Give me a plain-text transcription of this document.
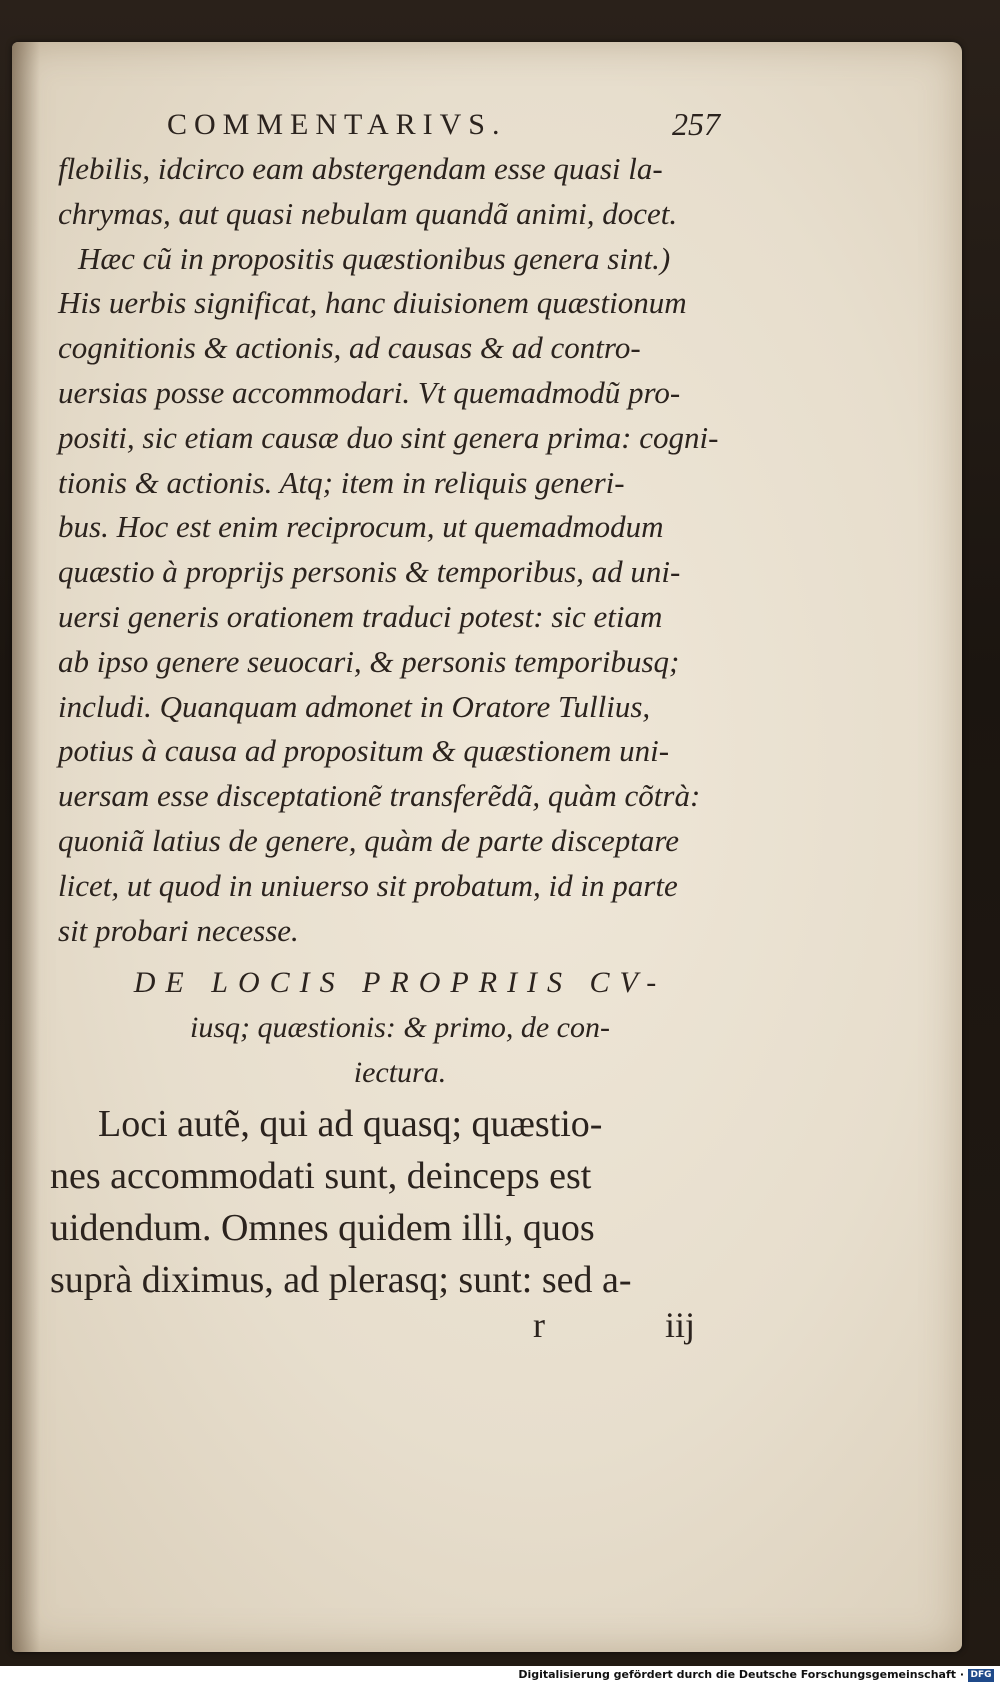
COMMENTARIVS.	257
flebilis, idcirco eam abstergendam esse quasi la-
chrymas, aut quasi nebulam quandã animi, docet.
Hæc cũ in propositis quæstionibus genera sint.)
His uerbis significat, hanc diuisionem quæstionum
cognitionis & actionis, ad causas & ad contro-
uersias posse accommodari. Vt quemadmodũ pro-
positi, sic etiam causæ duo sint genera prima: cogni-
tionis & actionis. Atq; item in reliquis generi-
bus. Hoc est enim reciprocum, ut quemadmodum
quæstio à proprijs personis & temporibus, ad uni-
uersi generis orationem traduci potest: sic etiam
ab ipso genere seuocari, & personis temporibusq;
includi. Quanquam admonet in Oratore Tullius,
potius à causa ad propositum & quæstionem uni-
uersam esse disceptationẽ transferẽdã, quàm cõtrà:
quoniã latius de genere, quàm de parte disceptare
licet, ut quod in uniuerso sit probatum, id in parte
sit probari necesse.
DE LOCIS PROPRIIS CV-
iusq; quæstionis: & primo, de con-
iectura.
Loci autẽ, qui ad quasq; quæstio-
nes accommodati sunt, deinceps est
uidendum. Omnes quidem illi, quos
suprà diximus, ad plerasq; sunt: sed a-
r	iij
Digitalisierung gefördert durch die Deutsche Forschungsgemeinschaft · DFG
